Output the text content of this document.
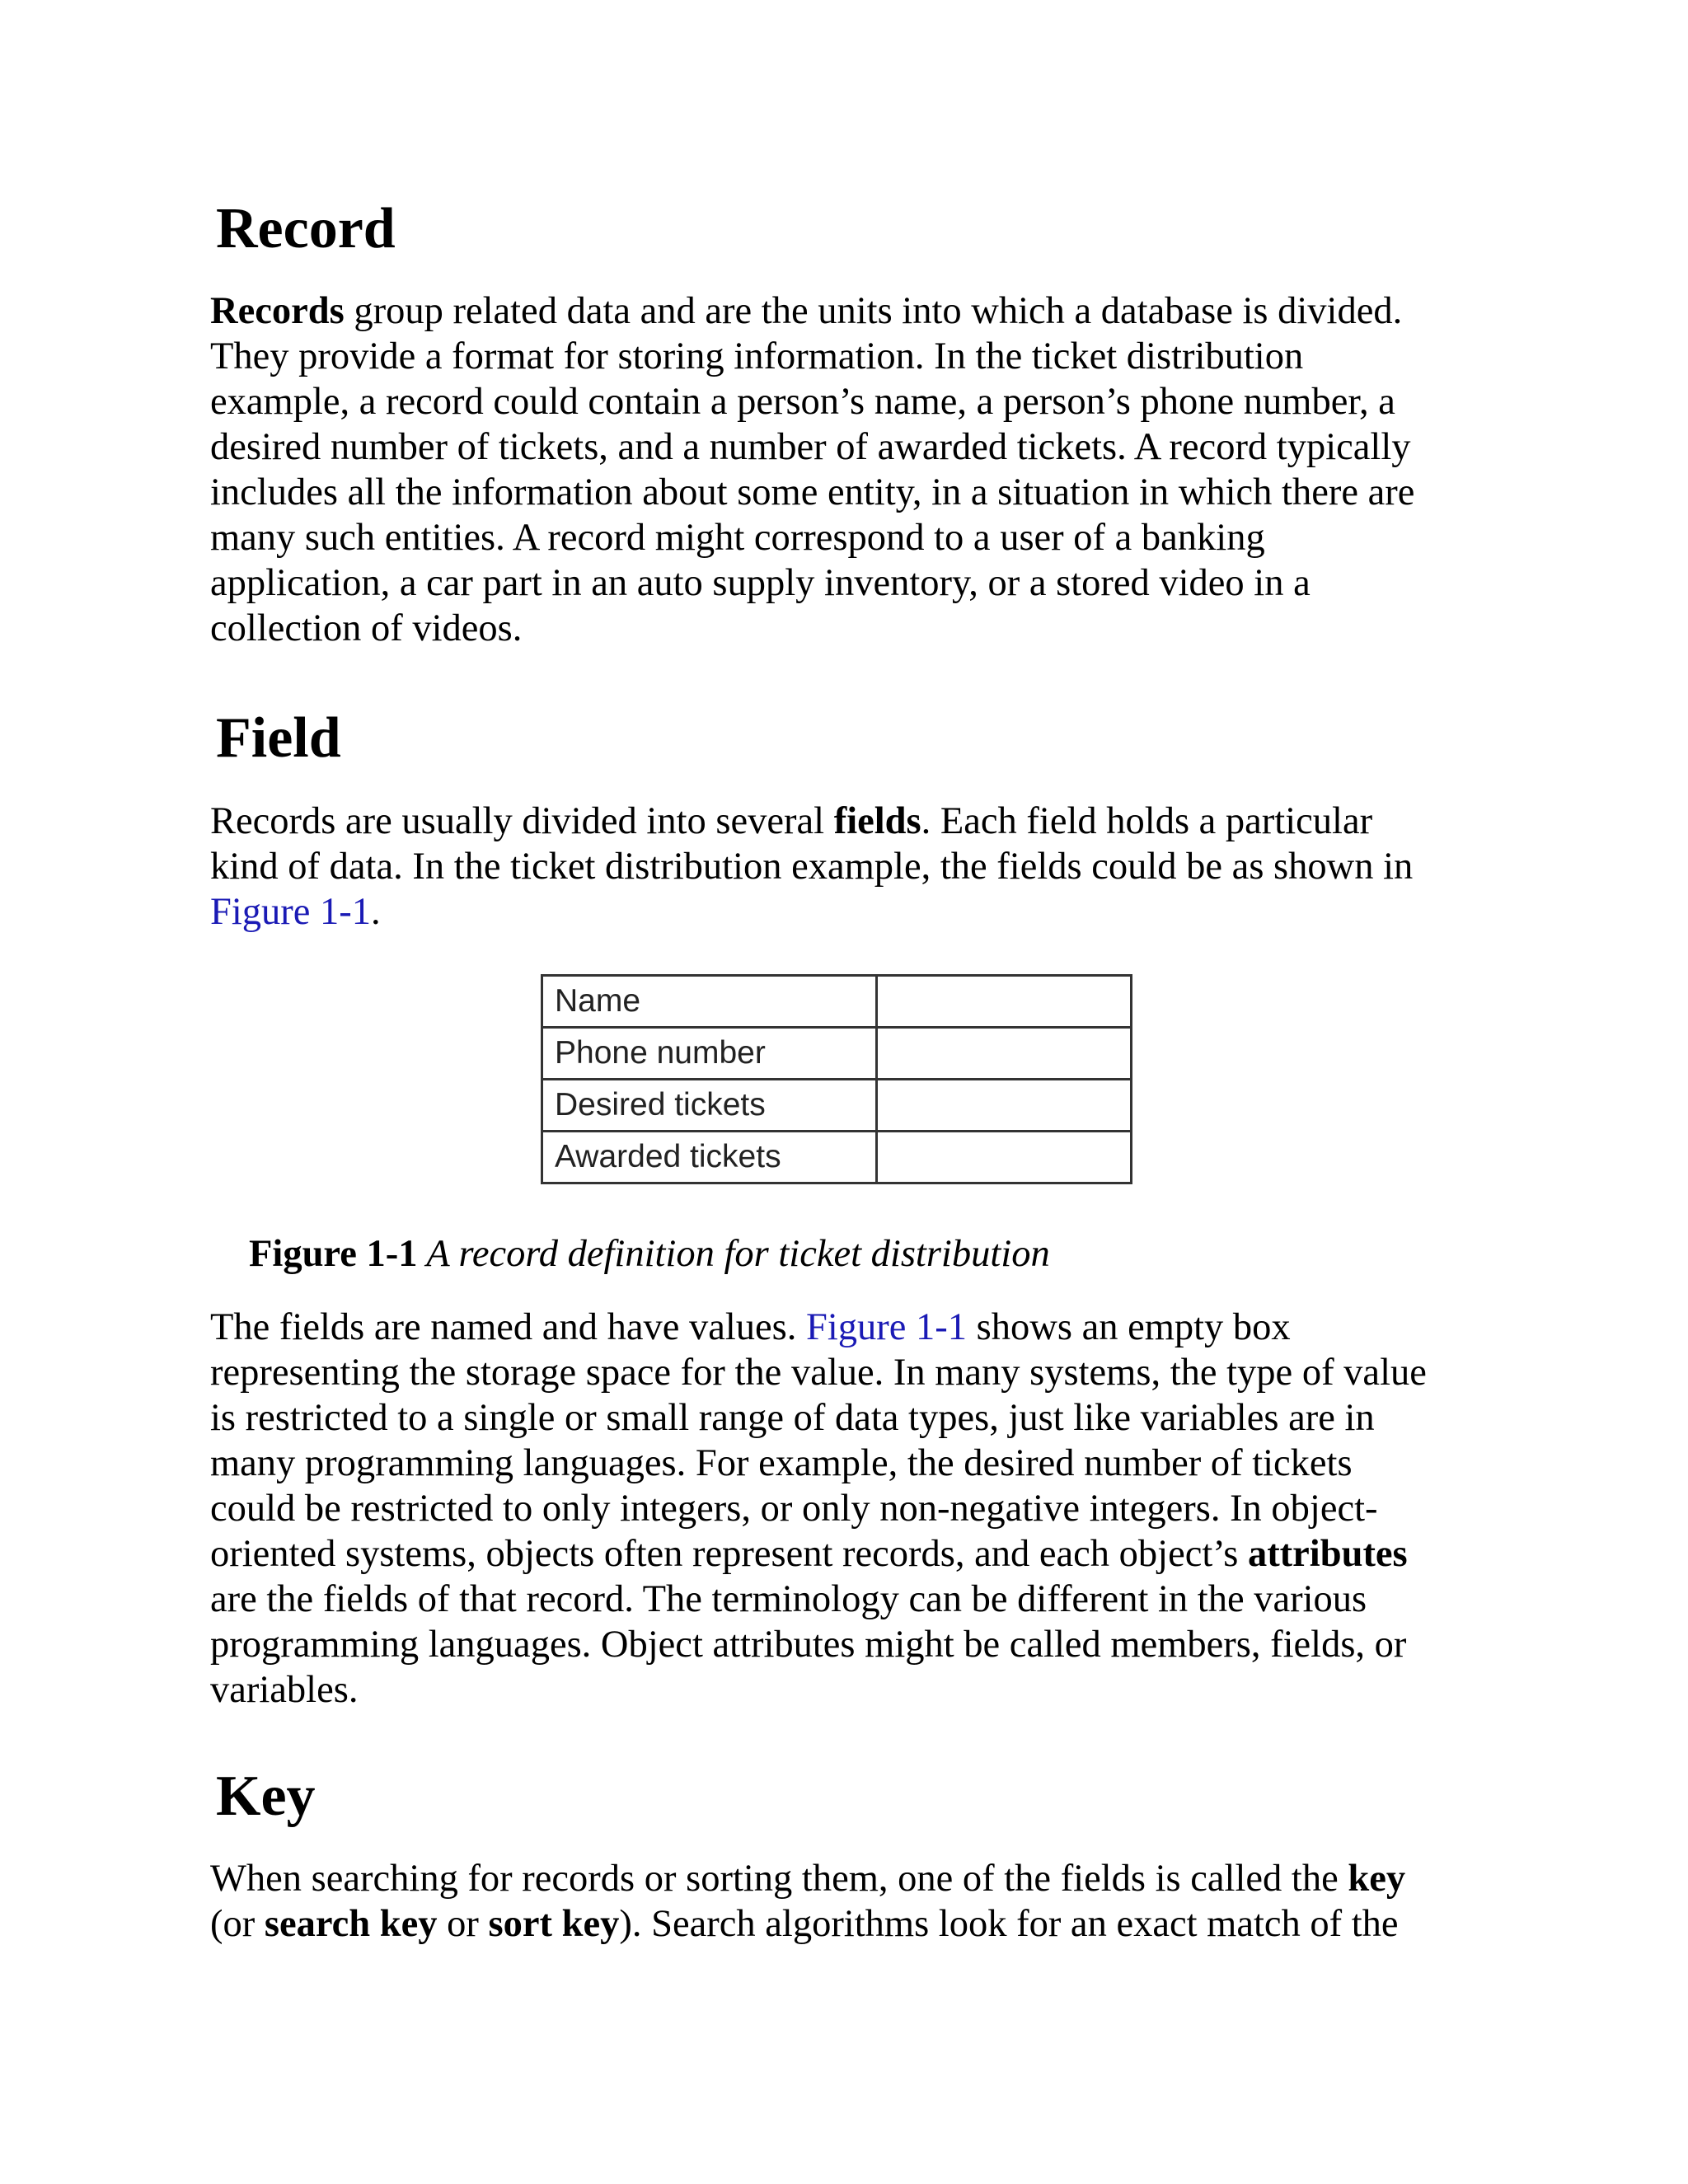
Record

Records group related data and are the units into which a database is divided.
They provide a format for storing information. In the ticket distribution
example, a record could contain a person’s name, a person’s phone number, a
desired number of tickets, and a number of awarded tickets. A record typically
includes all the information about some entity, in a situation in which there are
many such entities. A record might correspond to a user of a banking
application, a car part in an auto supply inventory, or a stored video in a
collection of videos.

Field

Records are usually divided into several fields. Each field holds a particular
kind of data. In the ticket distribution example, the fields could be as shown in
Figure 1-1.

Name	
Phone number	
Desired tickets	
Awarded tickets	

Figure 1-1 A record definition for ticket distribution

The fields are named and have values. Figure 1-1 shows an empty box
representing the storage space for the value. In many systems, the type of value
is restricted to a single or small range of data types, just like variables are in
many programming languages. For example, the desired number of tickets
could be restricted to only integers, or only non-negative integers. In object-
oriented systems, objects often represent records, and each object’s attributes
are the fields of that record. The terminology can be different in the various
programming languages. Object attributes might be called members, fields, or
variables.

Key

When searching for records or sorting them, one of the fields is called the key
(or search key or sort key). Search algorithms look for an exact match of the
